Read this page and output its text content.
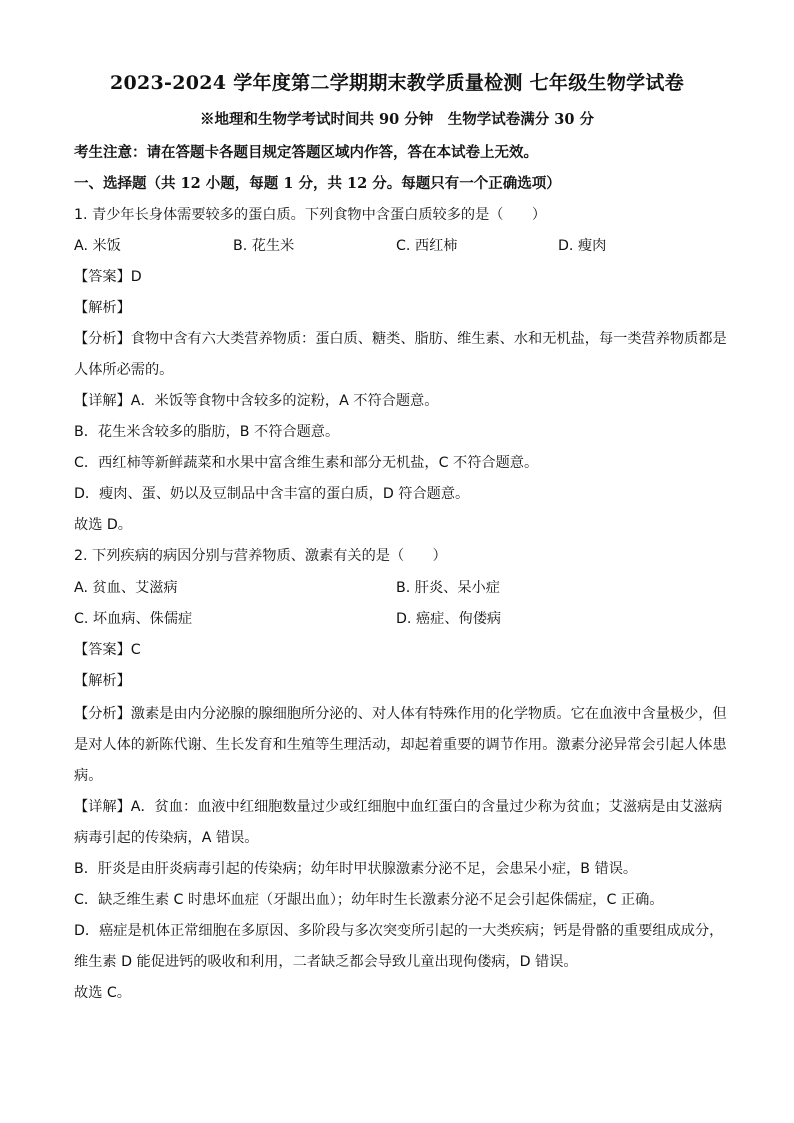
2023-2024 学年度第二学期期末教学质量检测 七年级生物学试卷
※地理和生物学考试时间共 90 分钟　生物学试卷满分 30 分
考生注意：请在答题卡各题目规定答题区域内作答，答在本试卷上无效。
一、选择题（共 12 小题，每题 1 分，共 12 分。每题只有一个正确选项）
1. 青少年长身体需要较多的蛋白质。下列食物中含蛋白质较多的是（　　）
A. 米饭	B. 花生米	C. 西红柿	D. 瘦肉
【答案】D
【解析】
【分析】食物中含有六大类营养物质：蛋白质、糖类、脂肪、维生素、水和无机盐，每一类营养物质都是
人体所必需的。
【详解】A．米饭等食物中含较多的淀粉，A 不符合题意。
B．花生米含较多的脂肪，B 不符合题意。
C．西红柿等新鲜蔬菜和水果中富含维生素和部分无机盐，C 不符合题意。
D．瘦肉、蛋、奶以及豆制品中含丰富的蛋白质，D 符合题意。
故选 D。
2. 下列疾病的病因分别与营养物质、激素有关的是（　　）
A. 贫血、艾滋病	B. 肝炎、呆小症
C. 坏血病、侏儒症	D. 癌症、佝偻病
【答案】C
【解析】
【分析】激素是由内分泌腺的腺细胞所分泌的、对人体有特殊作用的化学物质。它在血液中含量极少，但
是对人体的新陈代谢、生长发育和生殖等生理活动，却起着重要的调节作用。激素分泌异常会引起人体患
病。
【详解】A．贫血：血液中红细胞数量过少或红细胞中血红蛋白的含量过少称为贫血；艾滋病是由艾滋病
病毒引起的传染病，A 错误。
B．肝炎是由肝炎病毒引起的传染病；幼年时甲状腺激素分泌不足，会患呆小症，B 错误。
C．缺乏维生素 C 时患坏血症（牙龈出血）；幼年时生长激素分泌不足会引起侏儒症，C 正确。
D．癌症是机体正常细胞在多原因、多阶段与多次突变所引起的一大类疾病；钙是骨骼的重要组成成分，
维生素 D 能促进钙的吸收和利用，二者缺乏都会导致儿童出现佝偻病，D 错误。
故选 C。
